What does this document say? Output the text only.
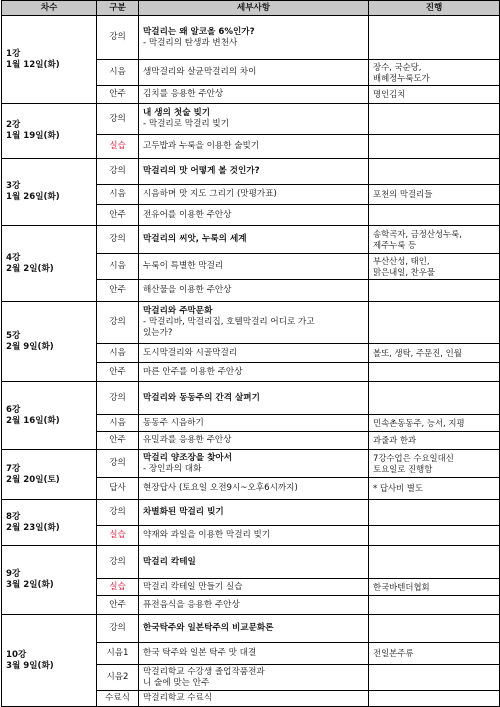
차수	구분	세부사항	진행
1강
1월 12일(화)	강의	막걸리는 왜 알코올 6%인가?
- 막걸리의 탄생과 변천사	

	시음	생막걸리와 살균막걸리의 차이	장수, 국순당,
배혜정누룩도가

	안주	김치를 응용한 주안상	명인김치

2강
1월 19일(화)	강의	내 생의 첫술 빚기
- 막걸리로 막걸리 빚기	

	실습	고두밥과 누룩을 이용한 술빚기	

3강
1월 26일(화)	강의	막걸리의 맛 어떻게 볼 것인가?	

	시음	시음하며 맛 지도 그리기 (맛평가표)	포천의 막걸리들

	안주	전유어를 이용한 주안상	

4강
2월 2일(화)	강의	막걸리의 씨앗, 누룩의 세계	송학곡자, 금정산성누룩,
제주누룩 등

	시음	누룩이 특별한 막걸리	부산산성, 태인,
맑은내일, 찬우물

	안주	해산물을 이용한 주안상	

5강
2월 9일(화)	강의	막걸리와 주막문화
- 막걸리바, 막걸리집, 호텔막걸리 어디로 가고
있는가?	

	시음	도시막걸리와 시골막걸리	볼또, 생탁, 주문진, 인월

	안주	마른 안주를 이용한 주안상	

6강
2월 16일(화)	강의	막걸리와 동동주의 간격 살펴기	

	시음	동동주 시음하기	민속촌동동주, 능서, 지평

	안주	유밀과를 응용한 주안상	과줄과 한과

7강
2월 20일(토)	강의	막걸리 양조장을 찾아서
- 장인과의 대화	7강수업은 수요일대신
토요일로 진행함

	답사	현장답사 (토요일 오전9시~오후6시까지)	* 답사비 별도

8강
2월 23일(화)	강의	차별화된 막걸리 빚기	

	실습	약재와 과일을 이용한 막걸리 빚기	

9강
3월 2일(화)	강의	막걸리 칵테일	

	실습	막걸리 칵테일 만들기 실습	한국바텐더협회

	안주	퓨전음식을 응용한 주안상	

10강
3월 9일(화)	강의	한국탁주와 일본탁주의 비교문화론	

	시음1	한국 탁주와 일본 탁주 맛 대결	전일본주류

	시음2	막걸리학교 수강생 졸업작품전과
니 술에 맞는 안주	

	수료식	막걸리학교 수료식	
